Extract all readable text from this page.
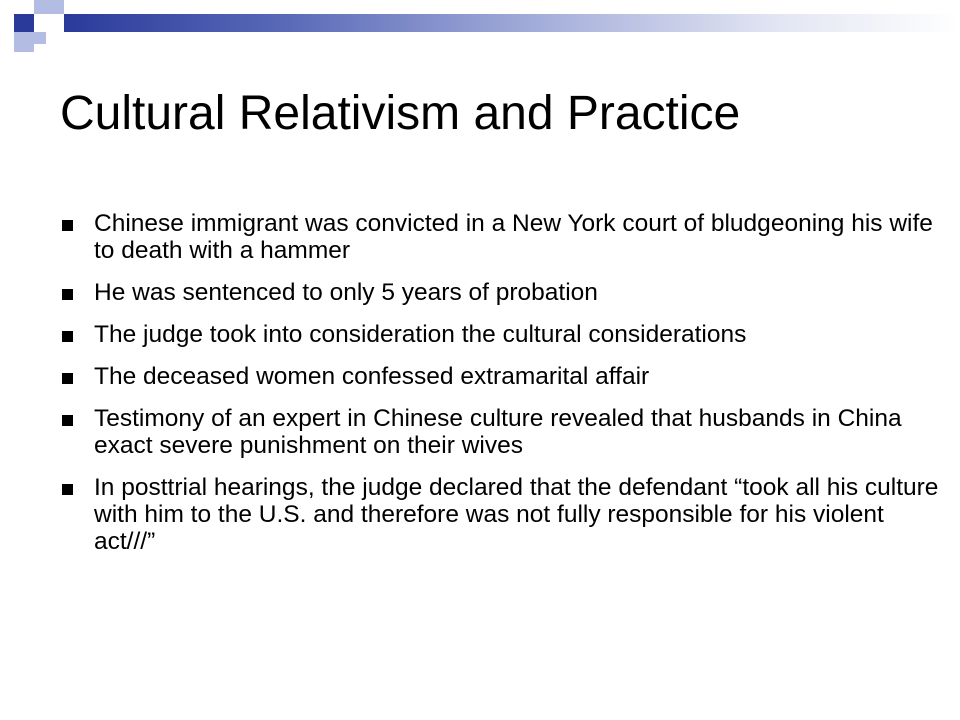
Cultural Relativism and Practice
Chinese immigrant was convicted in a New York court of bludgeoning his wife to death with a hammer
He was sentenced to only 5 years of probation
The judge took into consideration the cultural considerations
The deceased women confessed extramarital affair
Testimony of an expert in Chinese culture revealed that husbands in China exact severe punishment on their wives
In posttrial hearings, the judge declared that the defendant “took all his culture with him to the U.S. and therefore was not fully responsible for his violent act///”
